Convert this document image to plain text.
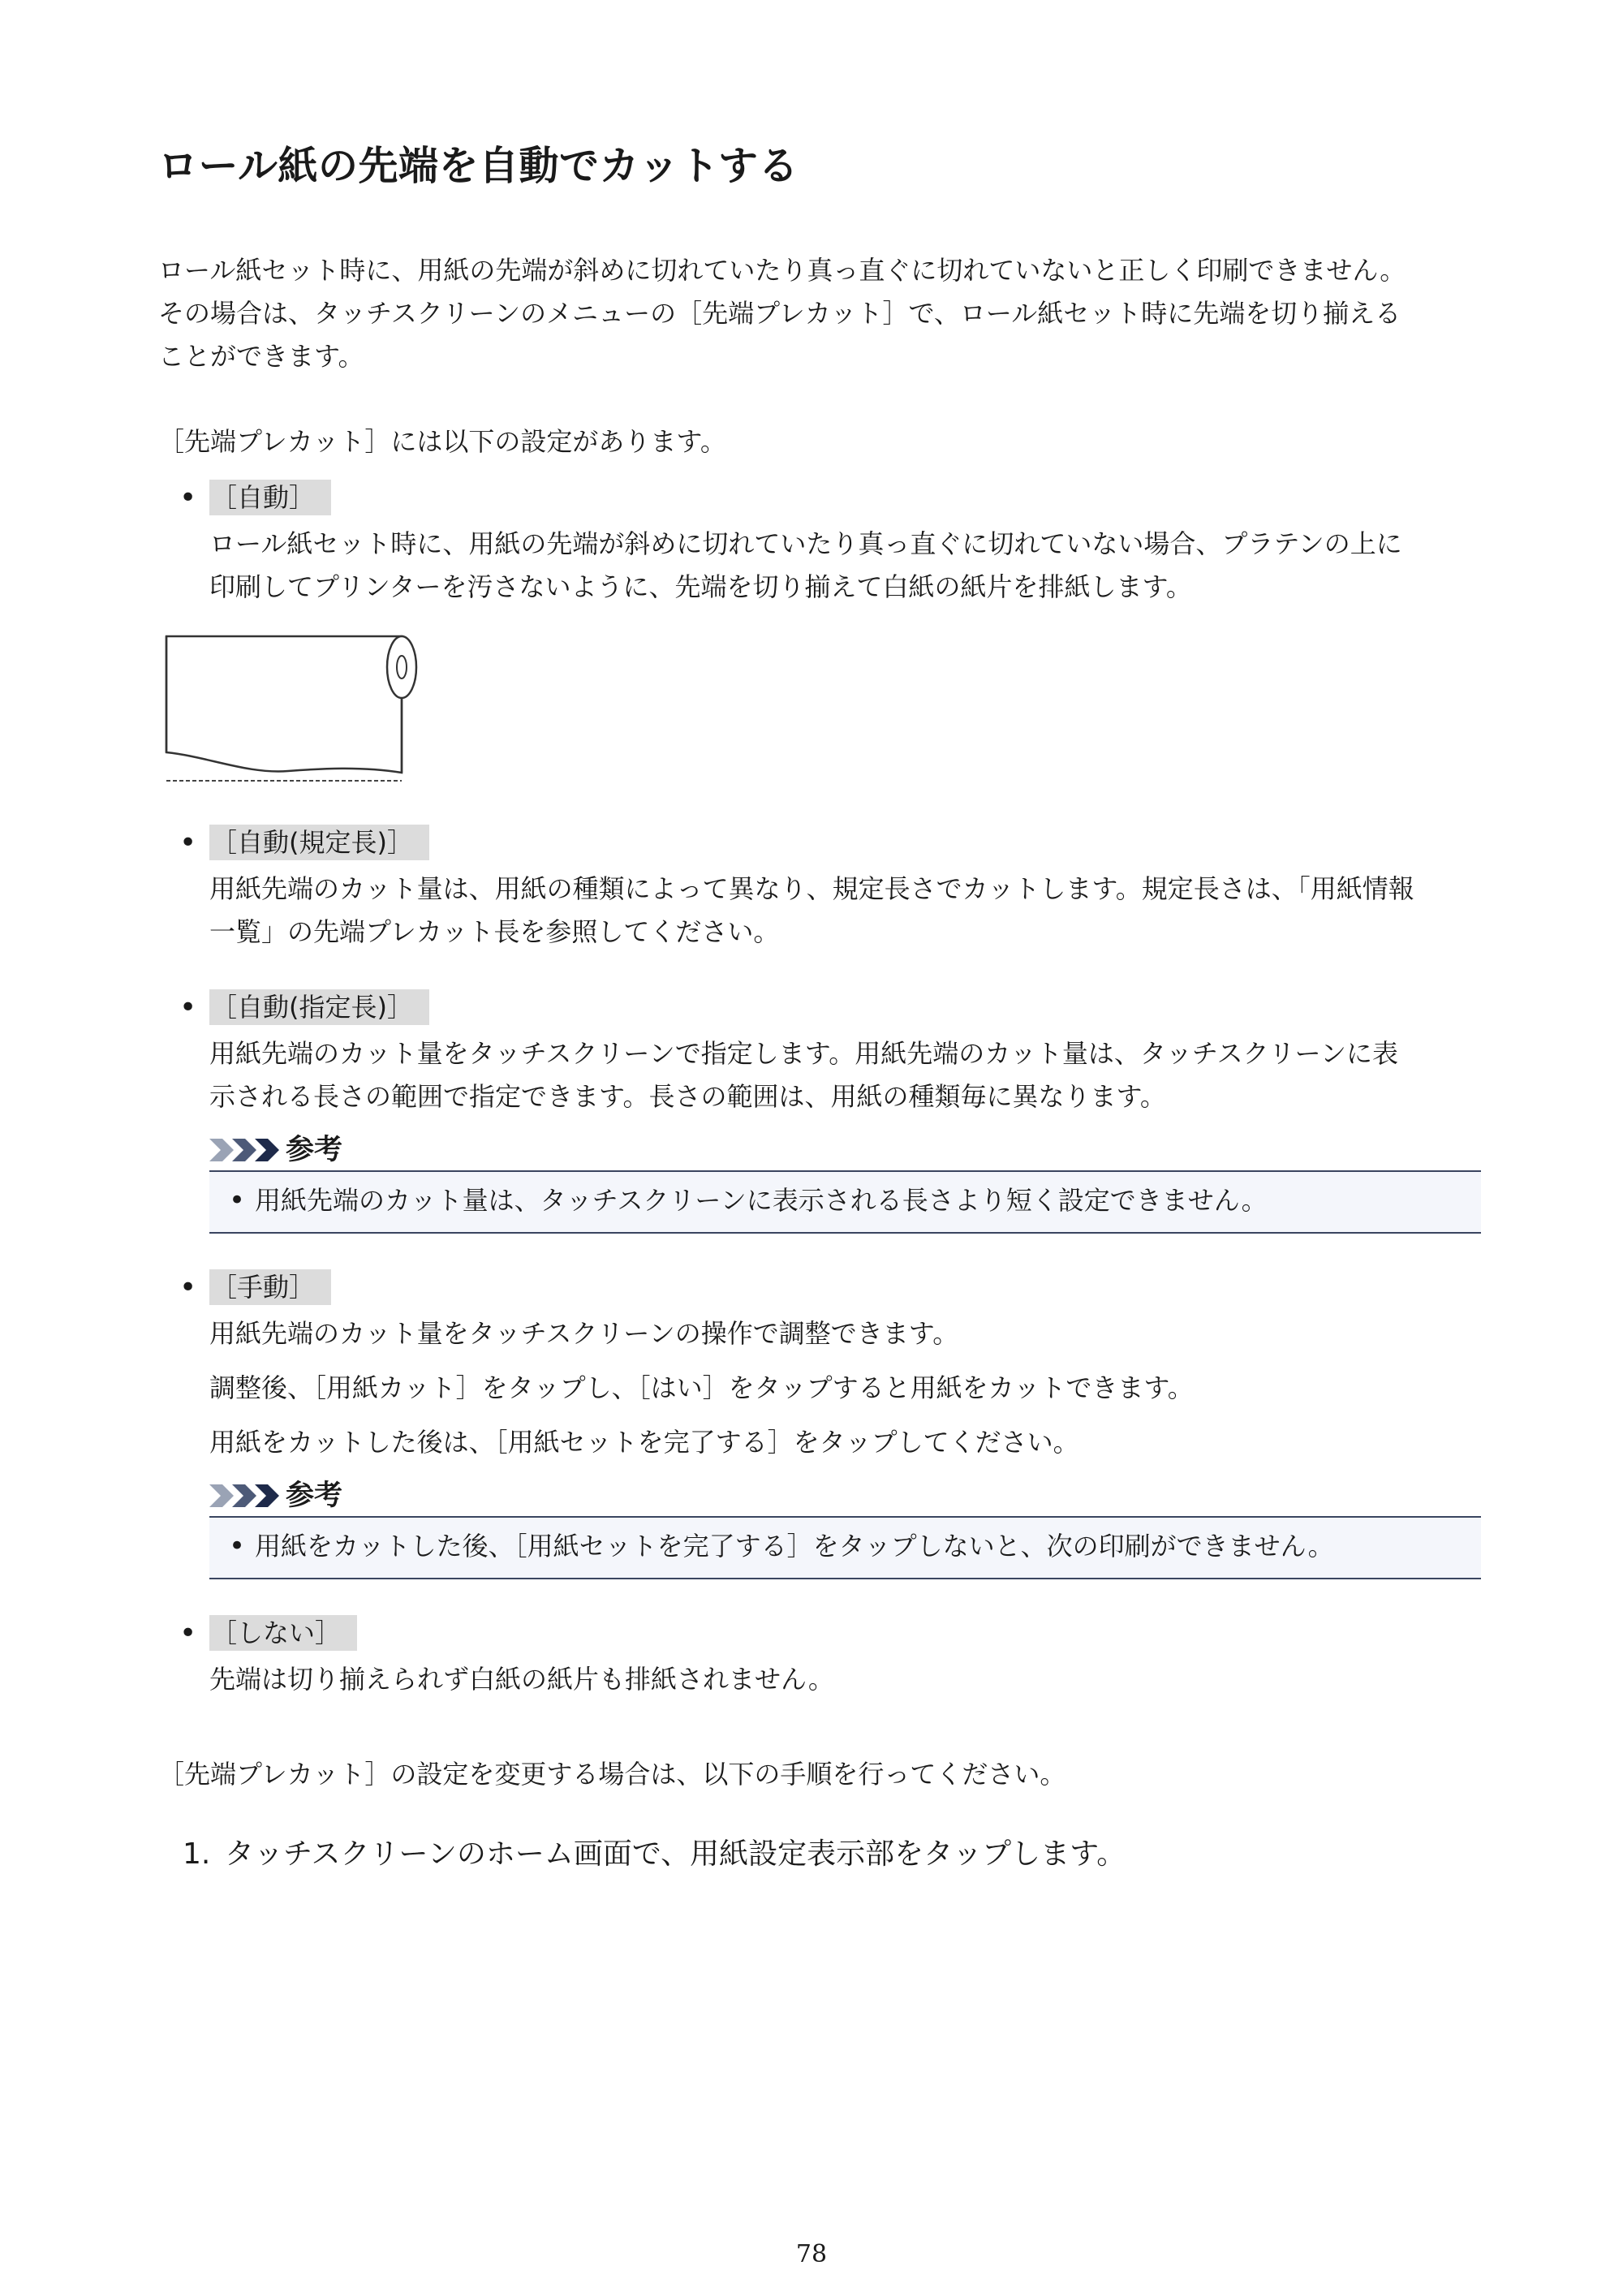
ロール紙の先端を自動でカットする

ロール紙セット時に、用紙の先端が斜めに切れていたり真っ直ぐに切れていないと正しく印刷できません。

その場合は、タッチスクリーンのメニューの［先端プレカット］で、ロール紙セット時に先端を切り揃える

ことができます。

［先端プレカット］には以下の設定があります。
• ［自動］
ロール紙セット時に、用紙の先端が斜めに切れていたり真っ直ぐに切れていない場合、プラテンの上に
印刷してプリンターを汚さないように、先端を切り揃えて白紙の紙片を排紙します。
• ［自動(規定長)］
用紙先端のカット量は、用紙の種類によって異なり、規定長さでカットします。規定長さは、「用紙情報
一覧」の先端プレカット長を参照してください。
• ［自動(指定長)］
用紙先端のカット量をタッチスクリーンで指定します。用紙先端のカット量は、タッチスクリーンに表
示される長さの範囲で指定できます。長さの範囲は、用紙の種類毎に異なります。
参考
• 用紙先端のカット量は、タッチスクリーンに表示される長さより短く設定できません。
• ［手動］
用紙先端のカット量をタッチスクリーンの操作で調整できます。
調整後、［用紙カット］をタップし、［はい］をタップすると用紙をカットできます。
用紙をカットした後は、［用紙セットを完了する］をタップしてください。
参考
• 用紙をカットした後、［用紙セットを完了する］をタップしないと、次の印刷ができません。
• ［しない］
先端は切り揃えられず白紙の紙片も排紙されません。
［先端プレカット］の設定を変更する場合は、以下の手順を行ってください。
1. タッチスクリーンのホーム画面で、用紙設定表示部をタップします。
78
